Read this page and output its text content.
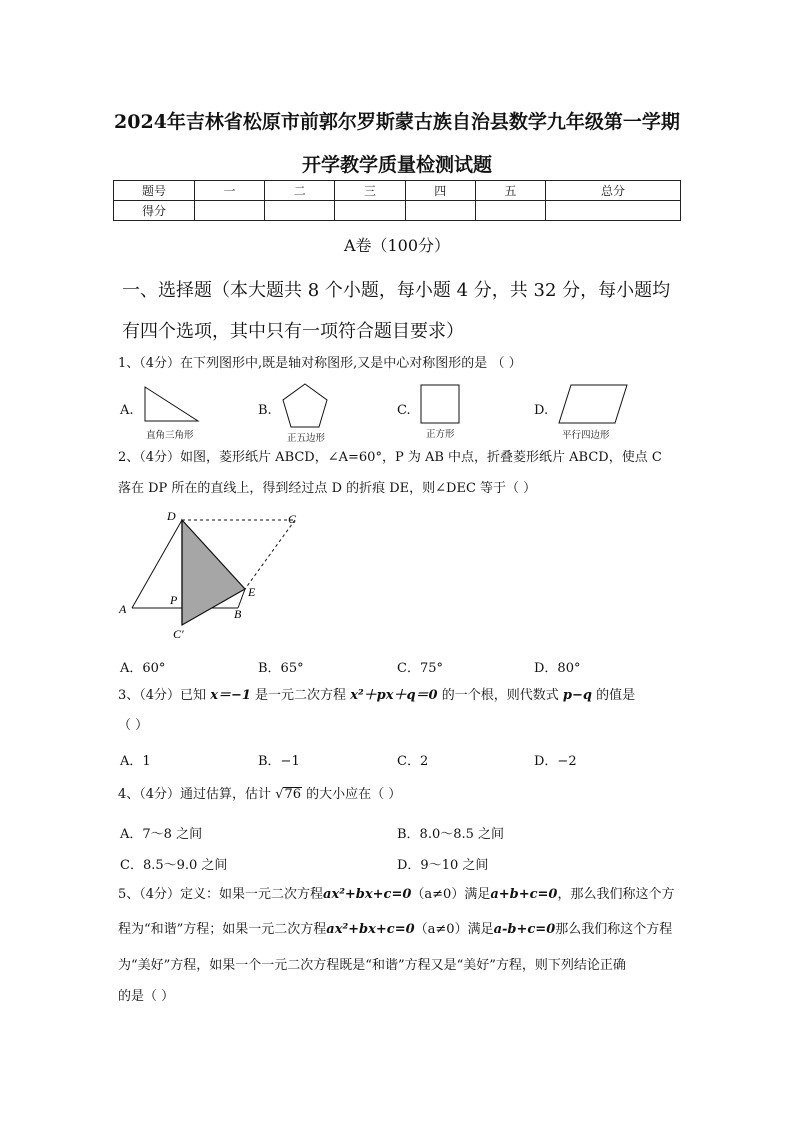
2024年吉林省松原市前郭尔罗斯蒙古族自治县数学九年级第一学期
开学教学质量检测试题
题号	一	二	三	四	五	总分
得分						
A卷（100分）
一、选择题（本大题共 8 个小题，每小题 4 分，共 32 分，每小题均
有四个选项，其中只有一项符合题目要求）
1、（4分）在下列图形中,既是轴对称图形,又是中心对称图形的是 （ ）
A.
直角三角形
B.
正五边形
C.
正方形
D.
平行四边形
2、（4分）如图，菱形纸片 ABCD，∠A=60°，P 为 AB 中点，折叠菱形纸片 ABCD，使点 C
落在 DP 所在的直线上，得到经过点 D 的折痕 DE，则∠DEC 等于（ ）
D	C
A
P
E
B
C′
A．60°	B．65°	C．75°	D．80°
3、（4分）已知 x＝−1 是一元二次方程 x²＋px＋q＝0 的一个根，则代数式 p−q 的值是
（ ）
A．1	B．−1	C．2	D．−2
4、（4分）通过估算，估计 √76 的大小应在（ ）
A．7～8 之间	B．8.0～8.5 之间
C．8.5～9.0 之间	D．9～10 之间
5、（4分）定义：如果一元二次方程ax²+bx+c=0（a≠0）满足a+b+c=0，那么我们称这个方
程为“和谐”方程；如果一元二次方程ax²+bx+c=0（a≠0）满足a-b+c=0那么我们称这个方程
为“美好”方程，如果一个一元二次方程既是“和谐”方程又是“美好”方程，则下列结论正确
的是（ ）
